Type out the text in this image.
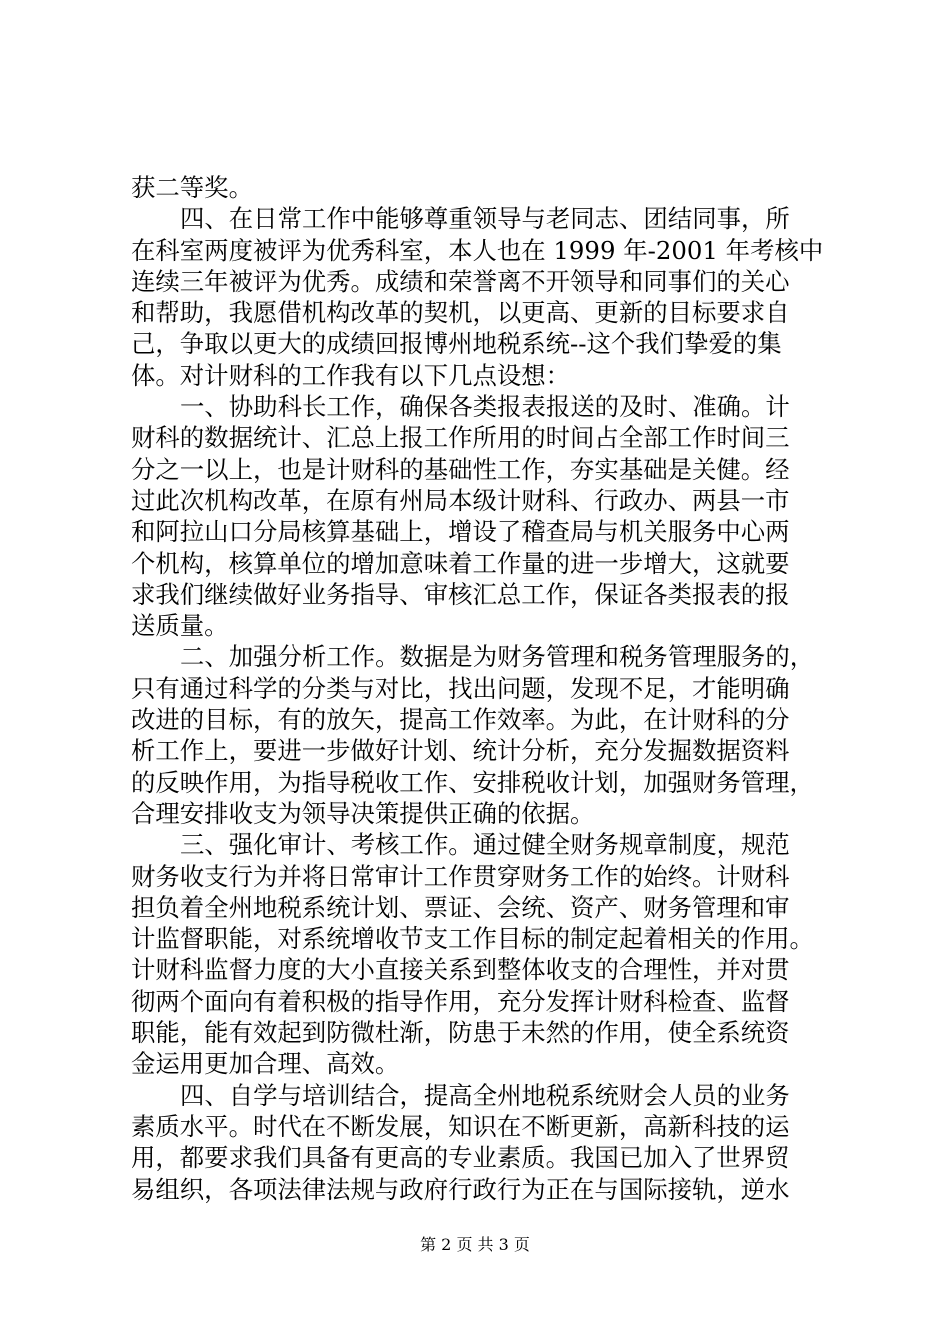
获二等奖。
四、在日常工作中能够尊重领导与老同志、团结同事，所
在科室两度被评为优秀科室，本人也在 1999 年-2001 年考核中
连续三年被评为优秀。成绩和荣誉离不开领导和同事们的关心
和帮助，我愿借机构改革的契机，以更高、更新的目标要求自
己，争取以更大的成绩回报博州地税系统--这个我们挚爱的集
体。对计财科的工作我有以下几点设想：
一、协助科长工作，确保各类报表报送的及时、准确。计
财科的数据统计、汇总上报工作所用的时间占全部工作时间三
分之一以上，也是计财科的基础性工作，夯实基础是关健。经
过此次机构改革，在原有州局本级计财科、行政办、两县一市
和阿拉山口分局核算基础上，增设了稽查局与机关服务中心两
个机构，核算单位的增加意味着工作量的进一步增大，这就要
求我们继续做好业务指导、审核汇总工作，保证各类报表的报
送质量。
二、加强分析工作。数据是为财务管理和税务管理服务的，
只有通过科学的分类与对比，找出问题，发现不足，才能明确
改进的目标，有的放矢，提高工作效率。为此，在计财科的分
析工作上，要进一步做好计划、统计分析，充分发掘数据资料
的反映作用，为指导税收工作、安排税收计划，加强财务管理，
合理安排收支为领导决策提供正确的依据。
三、强化审计、考核工作。通过健全财务规章制度，规范
财务收支行为并将日常审计工作贯穿财务工作的始终。计财科
担负着全州地税系统计划、票证、会统、资产、财务管理和审
计监督职能，对系统增收节支工作目标的制定起着相关的作用。
计财科监督力度的大小直接关系到整体收支的合理性，并对贯
彻两个面向有着积极的指导作用，充分发挥计财科检查、监督
职能，能有效起到防微杜渐，防患于未然的作用，使全系统资
金运用更加合理、高效。
四、自学与培训结合，提高全州地税系统财会人员的业务
素质水平。时代在不断发展，知识在不断更新，高新科技的运
用，都要求我们具备有更高的专业素质。我国已加入了世界贸
易组织，各项法律法规与政府行政行为正在与国际接轨，逆水
第 2 页 共 3 页
